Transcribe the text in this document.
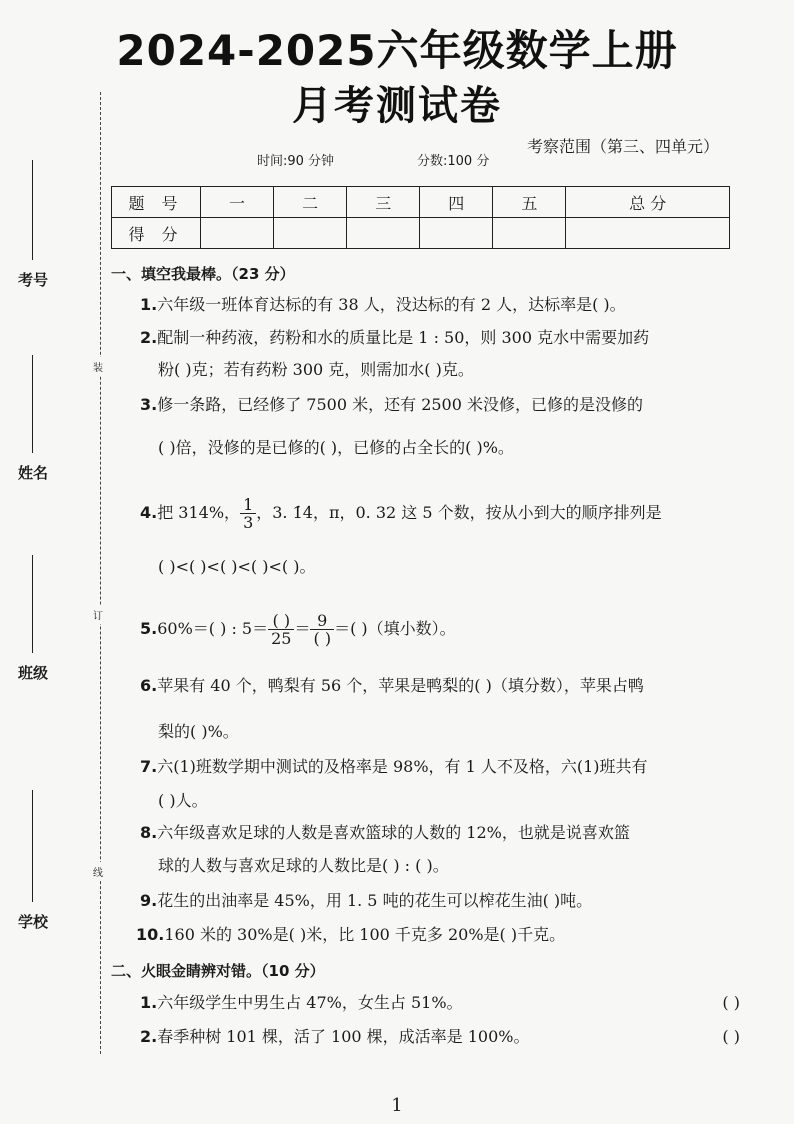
2024-2025六年级数学上册
月考测试卷
考察范围（第三、四单元）
时间:90 分钟	分数:100 分
装
订
线
考号
姓名
班级
学校
题 号	一	二	三	四	五	总 分
得 分						
一、填空我最棒。（23 分）
1.六年级一班体育达标的有 38 人，没达标的有 2 人，达标率是( )。
2.配制一种药液，药粉和水的质量比是 1 : 50，则 300 克水中需要加药
粉( )克；若有药粉 300 克，则需加水( )克。
3.修一条路，已经修了 7500 米，还有 2500 米没修，已修的是没修的
( )倍，没修的是已修的( )，已修的占全长的( )%。
4.把 314%， $\frac{1}{3}$ ，3. 1̇4̇，π，0. 32 这 5 个数，按从小到大的顺序排列是
( )<( )<( )<( )<( )。
5.60%＝( ) : $5= \frac{( )}{25} = \frac{9}{( )}$ ＝( )（填小数）。
6.苹果有 40 个，鸭梨有 56 个，苹果是鸭梨的( )（填分数），苹果占鸭
梨的( )%。
7.六(1)班数学期中测试的及格率是 98%，有 1 人不及格，六(1)班共有
( )人。
8.六年级喜欢足球的人数是喜欢篮球的人数的 12%，也就是说喜欢篮
球的人数与喜欢足球的人数比是( ) : ( )。
9.花生的出油率是 45%，用 1. 5 吨的花生可以榨花生油( )吨。
10.160 米的 30%是( )米，比 100 千克多 20%是( )千克。
二、火眼金睛辨对错。（10 分）
1.六年级学生中男生占 47%，女生占 51%。	( )
2.春季种树 101 棵，活了 100 棵，成活率是 100%。	( )
1
